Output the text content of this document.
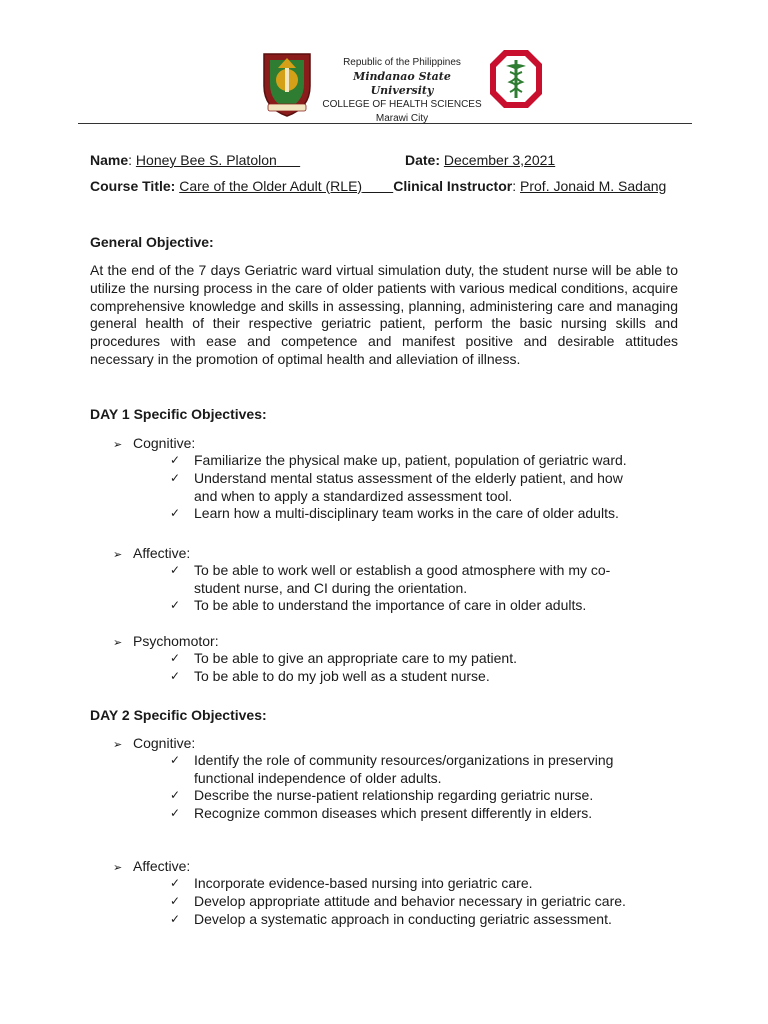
Republic of the Philippines
Mindanao State University
COLLEGE OF HEALTH SCIENCES
Marawi City
Name: Honey Bee S. Platolon	Date: December 3,2021
Course Title: Care of the Older Adult (RLE) Clinical Instructor: Prof. Jonaid M. Sadang
General Objective:
At the end of the 7 days Geriatric ward virtual simulation duty, the student nurse will be able to utilize the nursing process in the care of older patients with various medical conditions, acquire comprehensive knowledge and skills in assessing, planning, administering care and managing general health of their respective geriatric patient, perform the basic nursing skills and procedures with ease and competence and manifest positive and desirable attitudes necessary in the promotion of optimal health and alleviation of illness.
DAY 1 Specific Objectives:
➢ Cognitive:
✓ Familiarize the physical make up, patient, population of geriatric ward.
✓ Understand mental status assessment of the elderly patient, and how and when to apply a standardized assessment tool.
✓ Learn how a multi-disciplinary team works in the care of older adults.
➢ Affective:
✓ To be able to work well or establish a good atmosphere with my co-student nurse, and CI during the orientation.
✓ To be able to understand the importance of care in older adults.
➢ Psychomotor:
✓ To be able to give an appropriate care to my patient.
✓ To be able to do my job well as a student nurse.
DAY 2 Specific Objectives:
➢ Cognitive:
✓ Identify the role of community resources/organizations in preserving functional independence of older adults.
✓ Describe the nurse-patient relationship regarding geriatric nurse.
✓ Recognize common diseases which present differently in elders.
➢ Affective:
✓ Incorporate evidence-based nursing into geriatric care.
✓ Develop appropriate attitude and behavior necessary in geriatric care.
✓ Develop a systematic approach in conducting geriatric assessment.
